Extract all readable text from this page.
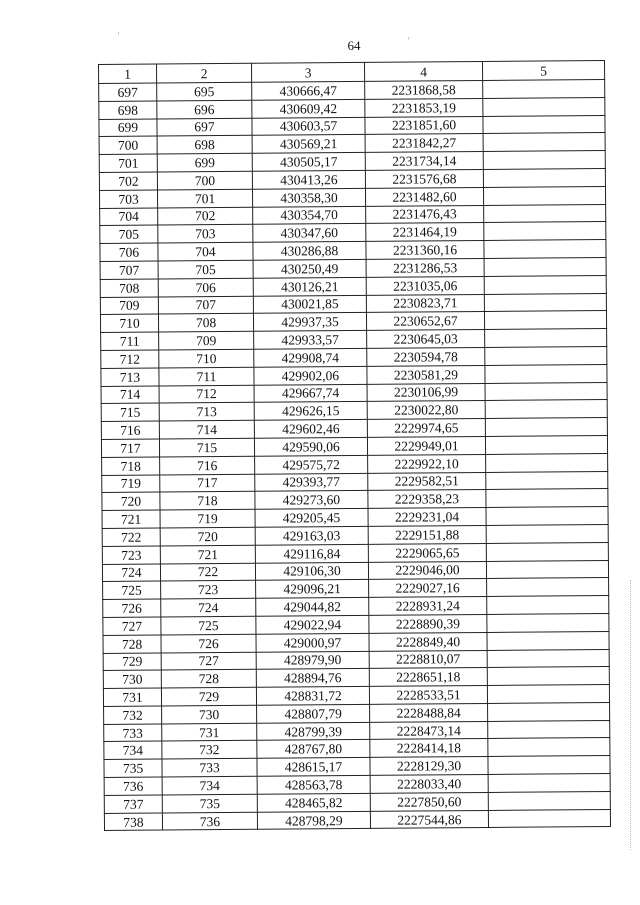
64
'
'
1	2	3	4	5
697	695	430666,47	2231868,58	
698	696	430609,42	2231853,19	
699	697	430603,57	2231851,60	
700	698	430569,21	2231842,27	
701	699	430505,17	2231734,14	
702	700	430413,26	2231576,68	
703	701	430358,30	2231482,60	
704	702	430354,70	2231476,43	
705	703	430347,60	2231464,19	
706	704	430286,88	2231360,16	
707	705	430250,49	2231286,53	
708	706	430126,21	2231035,06	
709	707	430021,85	2230823,71	
710	708	429937,35	2230652,67	
711	709	429933,57	2230645,03	
712	710	429908,74	2230594,78	
713	711	429902,06	2230581,29	
714	712	429667,74	2230106,99	
715	713	429626,15	2230022,80	
716	714	429602,46	2229974,65	
717	715	429590,06	2229949,01	
718	716	429575,72	2229922,10	
719	717	429393,77	2229582,51	
720	718	429273,60	2229358,23	
721	719	429205,45	2229231,04	
722	720	429163,03	2229151,88	
723	721	429116,84	2229065,65	
724	722	429106,30	2229046,00	
725	723	429096,21	2229027,16	
726	724	429044,82	2228931,24	
727	725	429022,94	2228890,39	
728	726	429000,97	2228849,40	
729	727	428979,90	2228810,07	
730	728	428894,76	2228651,18	
731	729	428831,72	2228533,51	
732	730	428807,79	2228488,84	
733	731	428799,39	2228473,14	
734	732	428767,80	2228414,18	
735	733	428615,17	2228129,30	
736	734	428563,78	2228033,40	
737	735	428465,82	2227850,60	
738	736	428798,29	2227544,86	
